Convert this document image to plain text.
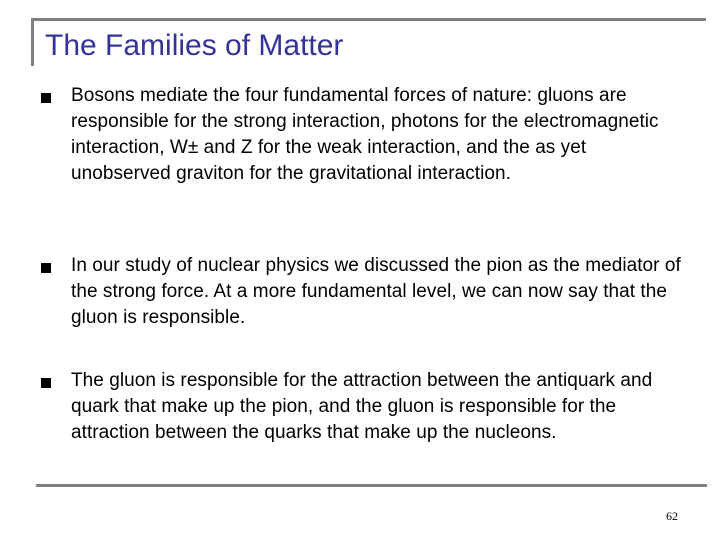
The Families of Matter

Bosons mediate the four fundamental forces of nature: gluons are responsible for the strong interaction, photons for the electromagnetic interaction, W± and Z for the weak interaction, and the as yet unobserved graviton for the gravitational interaction.

In our study of nuclear physics we discussed the pion as the mediator of the strong force. At a more fundamental level, we can now say that the gluon is responsible.

The gluon is responsible for the attraction between the antiquark and quark that make up the pion, and the gluon is responsible for the attraction between the quarks that make up the nucleons.

62
